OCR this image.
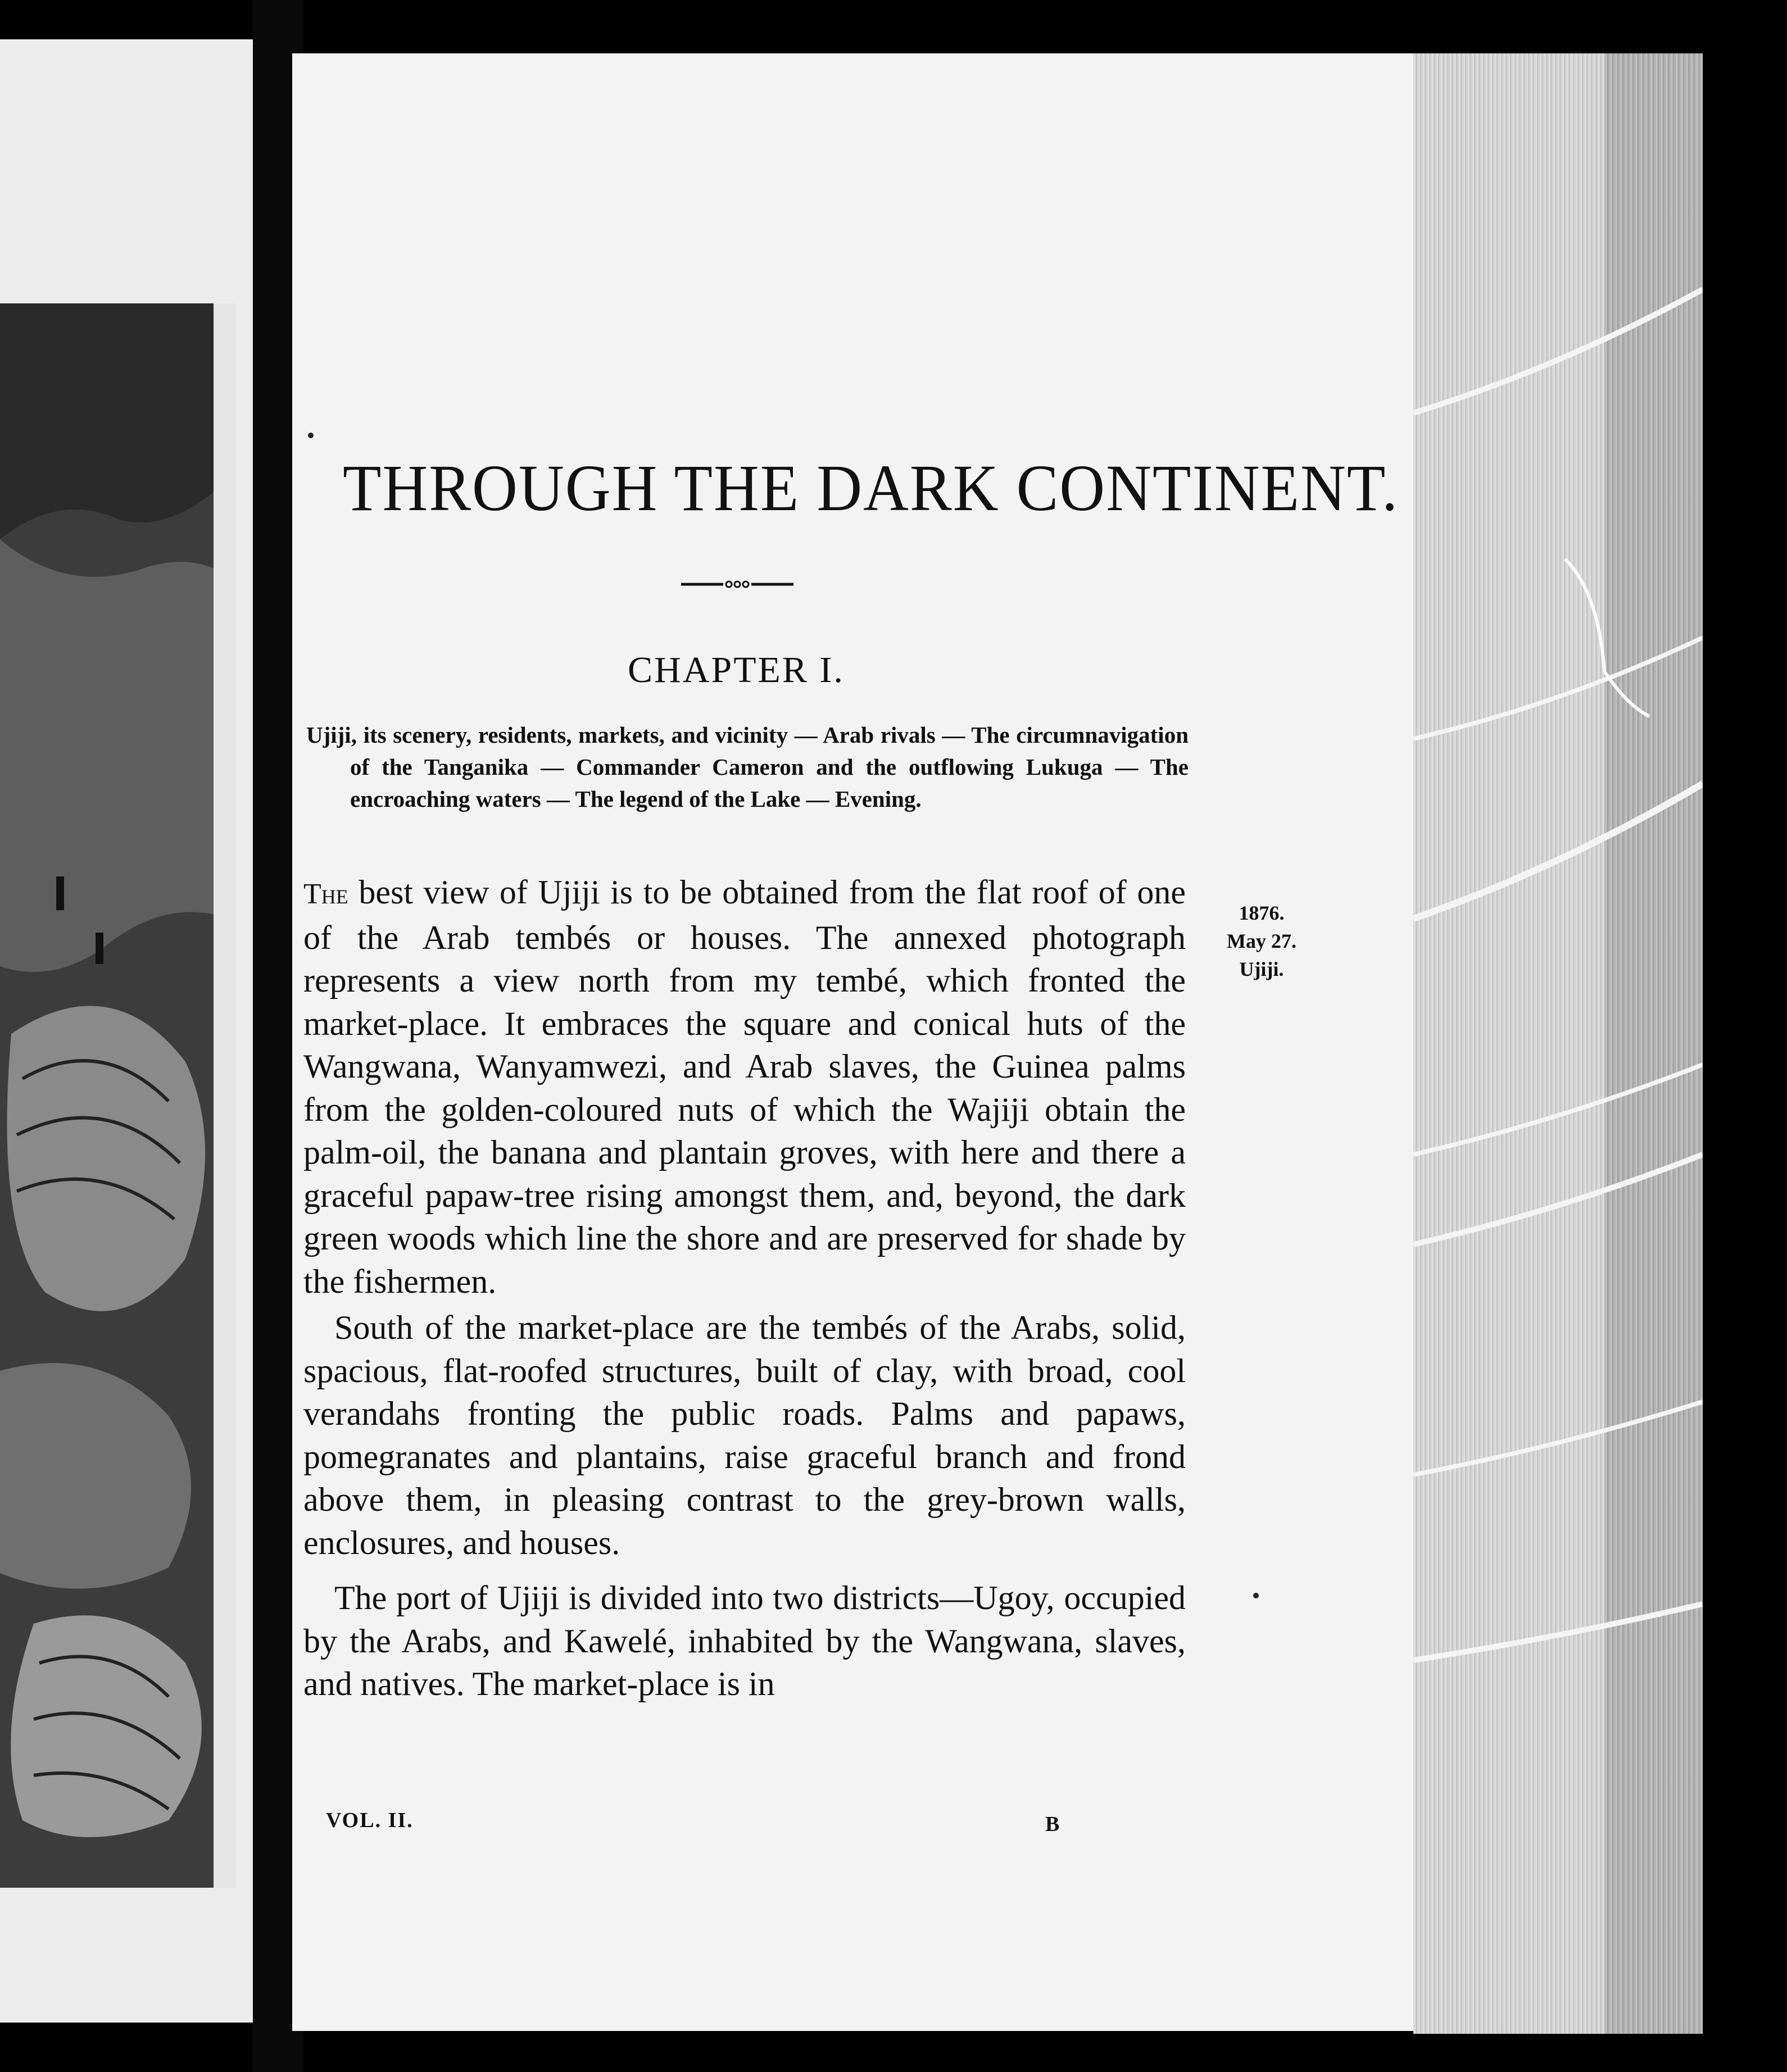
THROUGH THE DARK CONTINENT.
CHAPTER I.
Ujiji, its scenery, residents, markets, and vicinity — Arab rivals — The circumnavigation of the Tanganika — Commander Cameron and the outflowing Lukuga — The encroaching waters — The legend of the Lake — Evening.

The best view of Ujiji is to be obtained from the flat roof of one of the Arab tembés or houses. The annexed photograph represents a view north from my tembé, which fronted the market-place. It embraces the square and conical huts of the Wangwana, Wanyamwezi, and Arab slaves, the Guinea palms from the golden-coloured nuts of which the Wajiji obtain the palm-oil, the banana and plantain groves, with here and there a graceful papaw-tree rising amongst them, and, beyond, the dark green woods which line the shore and are preserved for shade by the fishermen.

South of the market-place are the tembés of the Arabs, solid, spacious, flat-roofed structures, built of clay, with broad, cool verandahs fronting the public roads. Palms and papaws, pomegranates and plantains, raise graceful branch and frond above them, in pleasing contrast to the grey-brown walls, enclosures, and houses.

The port of Ujiji is divided into two districts—Ugoy, occupied by the Arabs, and Kawelé, inhabited by the Wangwana, slaves, and natives. The market-place is in

1876.
May 27.
Ujiji.
VOL. II.	B
